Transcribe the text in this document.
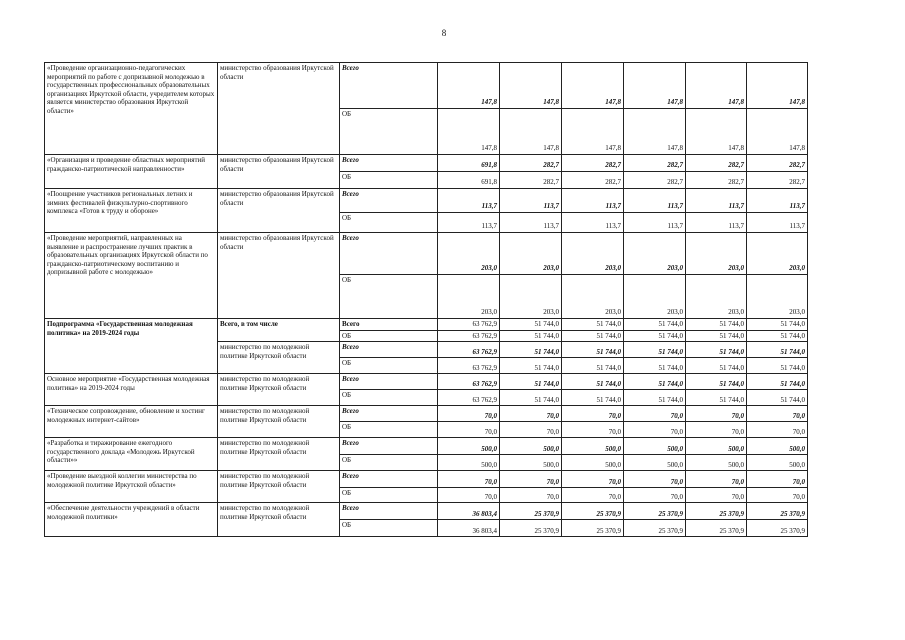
8
«Проведение организационно-педагогических мероприятий по работе с допризывной молодежью в государственных профессиональных образовательных организациях Иркутской области, учредителем которых является министерство образования Иркутской области»	министерство образования Иркутской области	Всего	147,8	147,8	147,8	147,8	147,8	147,8
		ОБ	147,8	147,8	147,8	147,8	147,8	147,8
«Организация и проведение областных мероприятий гражданско-патриотической направленности»	министерство образования Иркутской области	Всего	691,8	282,7	282,7	282,7	282,7	282,7
		ОБ	691,8	282,7	282,7	282,7	282,7	282,7
«Поощрение участников региональных летних и зимних фестивалей физкультурно-спортивного комплекса «Готов к труду и обороне»	министерство образования Иркутской области	Всего	113,7	113,7	113,7	113,7	113,7	113,7
		ОБ	113,7	113,7	113,7	113,7	113,7	113,7
«Проведение мероприятий, направленных на выявление и распространение лучших практик в образовательных организациях Иркутской области по гражданско-патриотическому воспитанию и допризывной работе с молодежью»	министерство образования Иркутской области	Всего	203,0	203,0	203,0	203,0	203,0	203,0
		ОБ	203,0	203,0	203,0	203,0	203,0	203,0
Подпрограмма «Государственная молодежная политика» на 2019-2024 годы	Всего, в том числе	Всего	63 762,9	51 744,0	51 744,0	51 744,0	51 744,0	51 744,0
		ОБ	63 762,9	51 744,0	51 744,0	51 744,0	51 744,0	51 744,0
	министерство по молодежной политике Иркутской области	Всего	63 762,9	51 744,0	51 744,0	51 744,0	51 744,0	51 744,0
		ОБ	63 762,9	51 744,0	51 744,0	51 744,0	51 744,0	51 744,0
Основное мероприятие «Государственная молодежная политика» на 2019-2024 годы	министерство по молодежной политике Иркутской области	Всего	63 762,9	51 744,0	51 744,0	51 744,0	51 744,0	51 744,0
		ОБ	63 762,9	51 744,0	51 744,0	51 744,0	51 744,0	51 744,0
«Техническое сопровождение, обновление и хостинг молодежных интернет-сайтов»	министерство по молодежной политике Иркутской области	Всего	70,0	70,0	70,0	70,0	70,0	70,0
		ОБ	70,0	70,0	70,0	70,0	70,0	70,0
«Разработка и тиражирование ежегодного государственного доклада «Молодежь Иркутской области»»	министерство по молодежной политике Иркутской области	Всего	500,0	500,0	500,0	500,0	500,0	500,0
		ОБ	500,0	500,0	500,0	500,0	500,0	500,0
«Проведение выездной коллегии министерства по молодежной политике Иркутской области»	министерство по молодежной политике Иркутской области	Всего	70,0	70,0	70,0	70,0	70,0	70,0
		ОБ	70,0	70,0	70,0	70,0	70,0	70,0
«Обеспечение деятельности учреждений в области молодежной политики»	министерство по молодежной политике Иркутской области	Всего	36 803,4	25 370,9	25 370,9	25 370,9	25 370,9	25 370,9
		ОБ	36 803,4	25 370,9	25 370,9	25 370,9	25 370,9	25 370,9
